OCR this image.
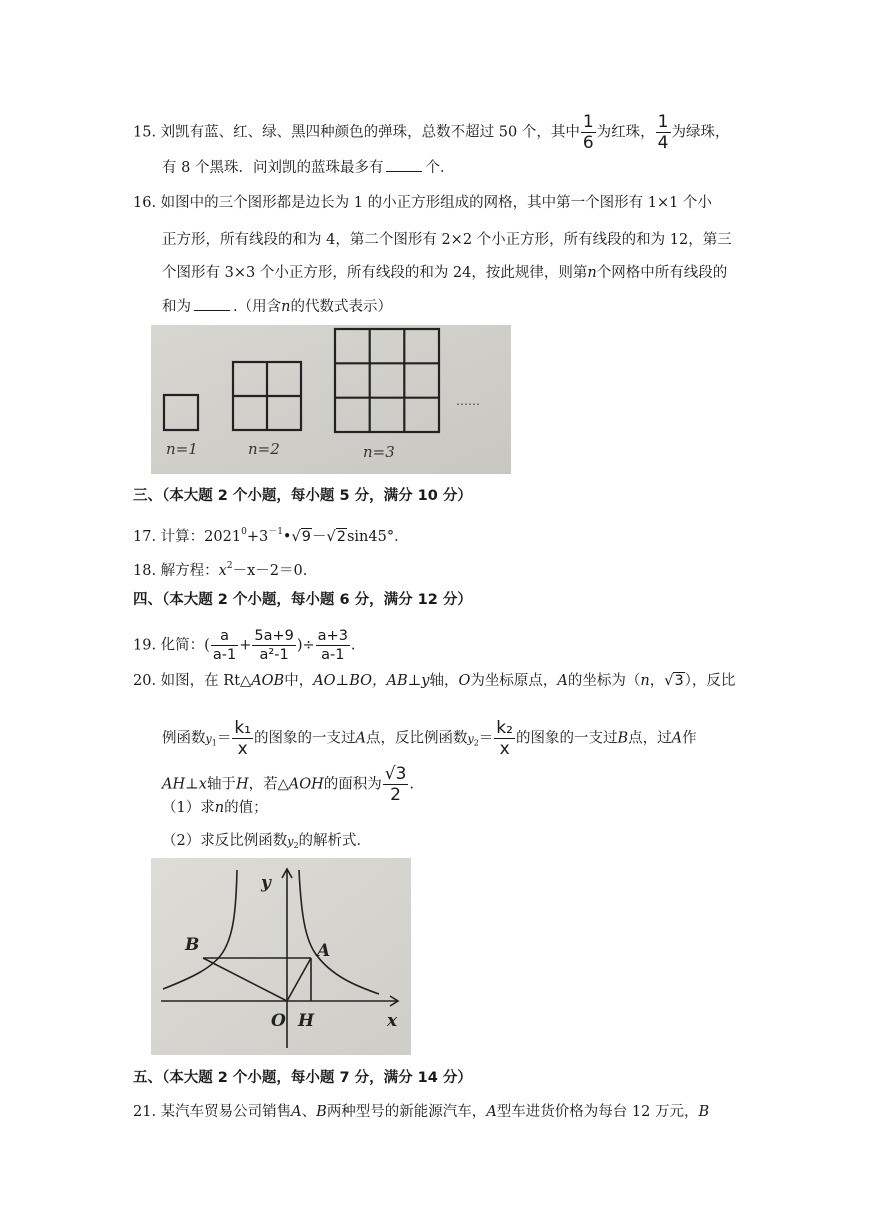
15. 刘凯有蓝、红、绿、黑四种颜色的弹珠，总数不超过 50 个，其中 $\frac{1}{6}$ 为红珠， $\frac{1}{4}$ 为绿珠，
有 8 个黑珠．问刘凯的蓝珠最多有	个．
16. 如图中的三个图形都是边长为 1 的小正方形组成的网格，其中第一个图形有 1×1 个小
正方形，所有线段的和为 4，第二个图形有 2×2 个小正方形，所有线段的和为 12，第三
个图形有 3×3 个小正方形，所有线段的和为 24，按此规律，则第n个网格中所有线段的
和为	.（用含n的代数式表示）
……
n=1	n=2	n=3
三、（本大题 2 个小题，每小题 5 分，满分 10 分）
17. 计算：$2021^0+3^{-1}•√9-√2\sin 45^\circ$．
18. 解方程：$x^2-x-2=0$.
四、（本大题 2 个小题，每小题 6 分，满分 12 分）
19. 化简：( $\frac{a}{a-1} + \frac{5a+9}{\text{a²-1}}$ )÷ $\frac{a+3}{a-1}$ .
20. 如图，在 Rt△AOB中，AO⊥BO，AB⊥y轴，O为坐标原点，A的坐标为（n，√3），反比
例函数$y_1= \frac{\text{k₁}}{x}$ 的图象的一支过A点，反比例函数$y_2= \frac{\text{k₂}}{x}$ 的图象的一支过B点，过A作
AH⊥x轴于H，若△AOH的面积为 $\frac{√3}{2}$ .
（1）求n的值；
（2）求反比例函数$y_2$的解析式．
y
x
O H
A
B
五、（本大题 2 个小题，每小题 7 分，满分 14 分）
21. 某汽车贸易公司销售A、B两种型号的新能源汽车，A型车进货价格为每台 12 万元，B
